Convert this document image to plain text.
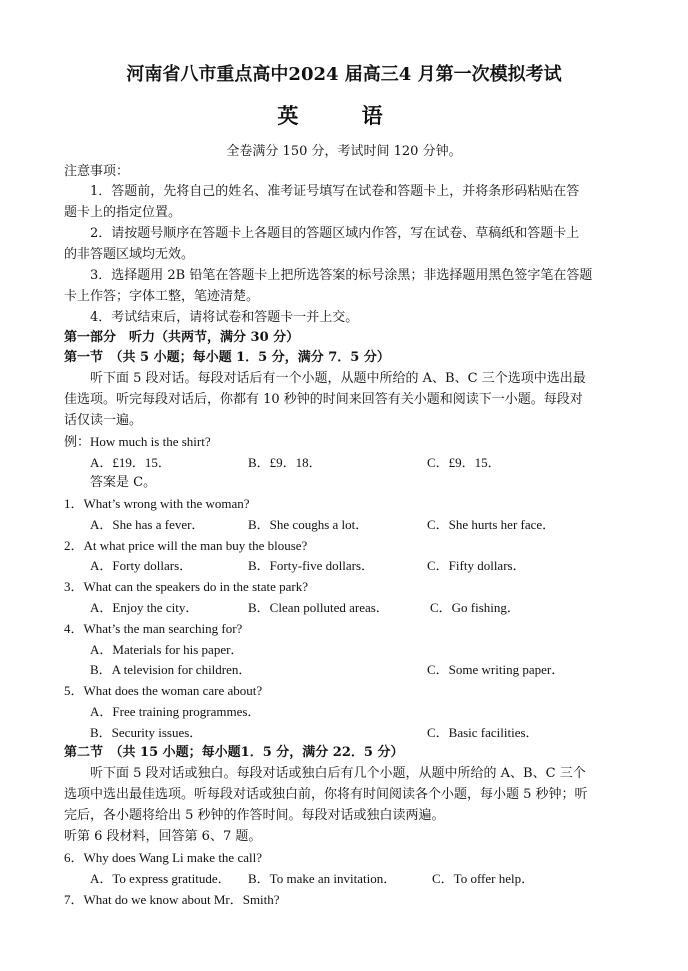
河南省八市重点高中2024 届高三4 月第一次模拟考试
英 语
全卷满分 150 分，考试时间 120 分钟。
注意事项：
1．答题前，先将自己的姓名、准考证号填写在试卷和答题卡上，并将条形码粘贴在答
题卡上的指定位置。
2．请按题号顺序在答题卡上各题目的答题区域内作答，写在试卷、草稿纸和答题卡上
的非答题区域均无效。
3．选择题用 2B 铅笔在答题卡上把所选答案的标号涂黑；非选择题用黑色签字笔在答题
卡上作答；字体工整，笔迹清楚。
4．考试结束后，请将试卷和答题卡一并上交。
第一部分　听力（共两节，满分 30 分）
第一节　（共 5 小题；每小题 1．5 分，满分 7．5 分）
听下面 5 段对话。每段对话后有一个小题，从题中所给的 A、B、C 三个选项中选出最
佳选项。听完每段对话后，你都有 10 秒钟的时间来回答有关小题和阅读下一小题。每段对
话仅读一遍。
例：How much is the shirt?
A．£19．15．	B．£9．18．	C．£9．15．
答案是 C。
1．What’s wrong with the woman?
A．She has a fever．	B．She coughs a lot．	C．She hurts her face．
2．At what price will the man buy the blouse?
A．Forty dollars．	B．Forty-five dollars．	C．Fifty dollars．
3．What can the speakers do in the state park?
A．Enjoy the city．	B．Clean polluted areas．	C．Go fishing．
4．What’s the man searching for?
A．Materials for his paper．
B．A television for children．	C．Some writing paper．
5．What does the woman care about?
A．Free training programmes．
B．Security issues．	C．Basic facilities．
第二节　（共 15 小题；每小题1．5 分，满分 22．5 分）
听下面 5 段对话或独白。每段对话或独白后有几个小题，从题中所给的 A、B、C 三个
选项中选出最佳选项。听每段对话或独白前，你将有时间阅读各个小题，每小题 5 秒钟；听
完后，各小题将给出 5 秒钟的作答时间。每段对话或独白读两遍。
听第 6 段材料，回答第 6、7 题。
6．Why does Wang Li make the call?
A．To express gratitude． B．To make an invitation．	C．To offer help．
7．What do we know about Mr．Smith?
